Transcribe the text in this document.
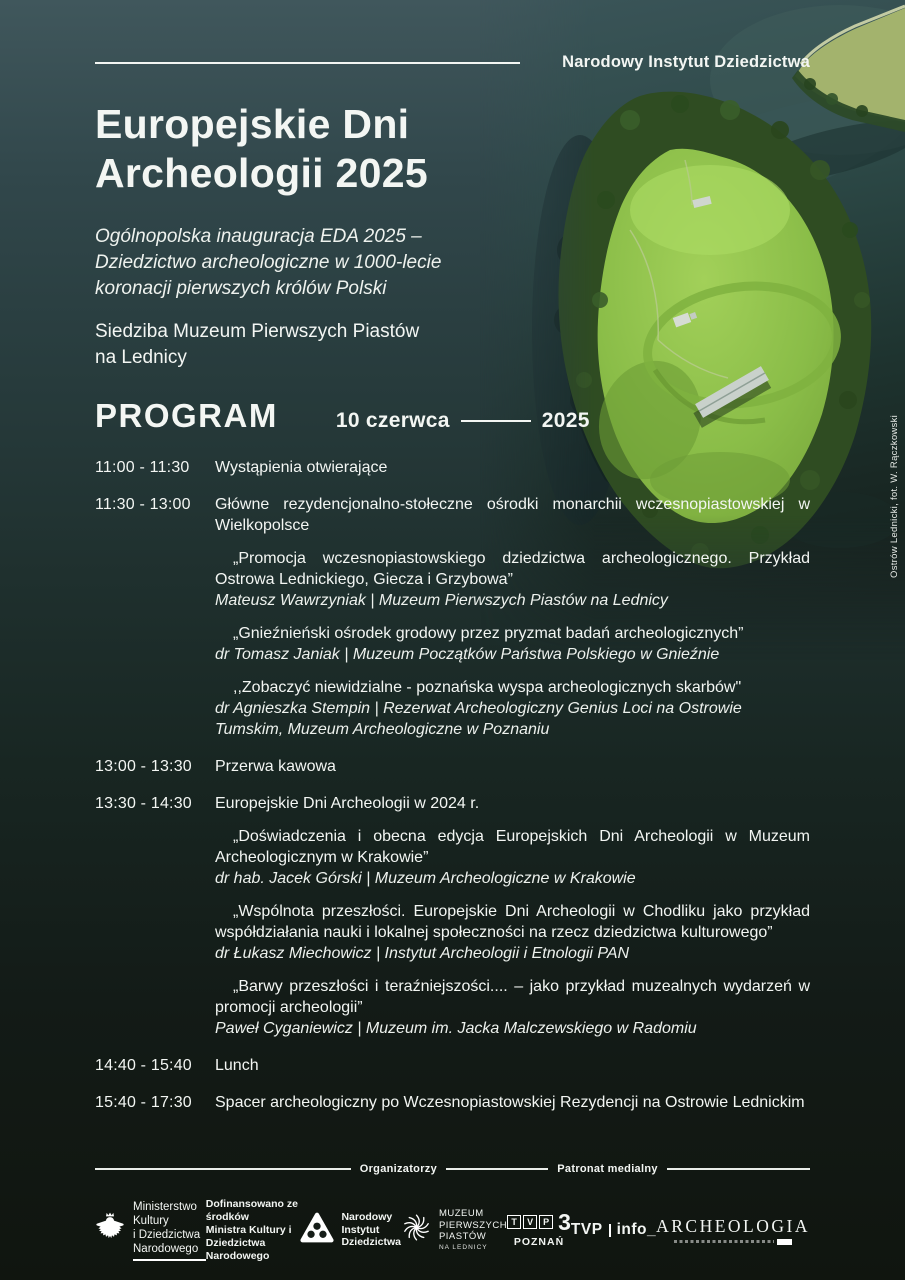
Ostrów Lednicki, fot. W. Rączkowski
Narodowy Instytut Dziedzictwa
Europejskie Dni
Archeologii 2025
Ogólnopolska inauguracja EDA 2025 –
Dziedzictwo archeologiczne w 1000-lecie
koronacji pierwszych królów Polski
Siedziba Muzeum Pierwszych Piastów
na Lednicy
PROGRAM	10 czerwca	2025
11:00 - 11:30	Wystąpienia otwierające
11:30 - 13:00	Główne rezydencjonalno-stołeczne ośrodki monarchii wczesnopiastowskiej w Wielkopolsce
„Promocja wczesnopiastowskiego dziedzictwa archeologicznego. Przykład Ostrowa Lednickiego, Giecza i Grzybowa”
Mateusz Wawrzyniak | Muzeum Pierwszych Piastów na Lednicy
„Gnieźnieński ośrodek grodowy przez pryzmat badań archeologicznych”
dr Tomasz Janiak | Muzeum Początków Państwa Polskiego w Gnieźnie
,,Zobaczyć niewidzialne - poznańska wyspa archeologicznych skarbów"
dr Agnieszka Stempin | Rezerwat Archeologiczny Genius Loci na Ostrowie Tumskim, Muzeum Archeologiczne w Poznaniu
13:00 - 13:30	Przerwa kawowa
13:30 - 14:30	Europejskie Dni Archeologii w 2024 r.
„Doświadczenia i obecna edycja Europejskich Dni Archeologii w Muzeum Archeologicznym w Krakowie”
dr hab. Jacek Górski | Muzeum Archeologiczne w Krakowie
„Wspólnota przeszłości. Europejskie Dni Archeologii w Chodliku jako przykład współdziałania nauki i lokalnej społeczności na rzecz dziedzictwa kulturowego”
dr Łukasz Miechowicz | Instytut Archeologii i Etnologii PAN
„Barwy przeszłości i teraźniejszości.... – jako przykład muzealnych wydarzeń w promocji archeologii”
Paweł Cyganiewicz | Muzeum im. Jacka Malczewskiego w Radomiu
14:40 - 15:40	Lunch
15:40 - 17:30	Spacer archeologiczny po Wczesnopiastowskiej Rezydencji na Ostrowie Lednickim
Organizatorzy	Patronat medialny
Ministerstwo Kultury
i Dziedzictwa Narodowego
Dofinansowano ze środków
Ministra Kultury i Dziedzictwa
Narodowego
Narodowy
Instytut
Dziedzictwa
MUZEUM
PIERWSZYCH PIASTÓW
NA LEDNICY
T	V	P 3
POZNAŃ
TVP info_ ARCHEOLOGIA
